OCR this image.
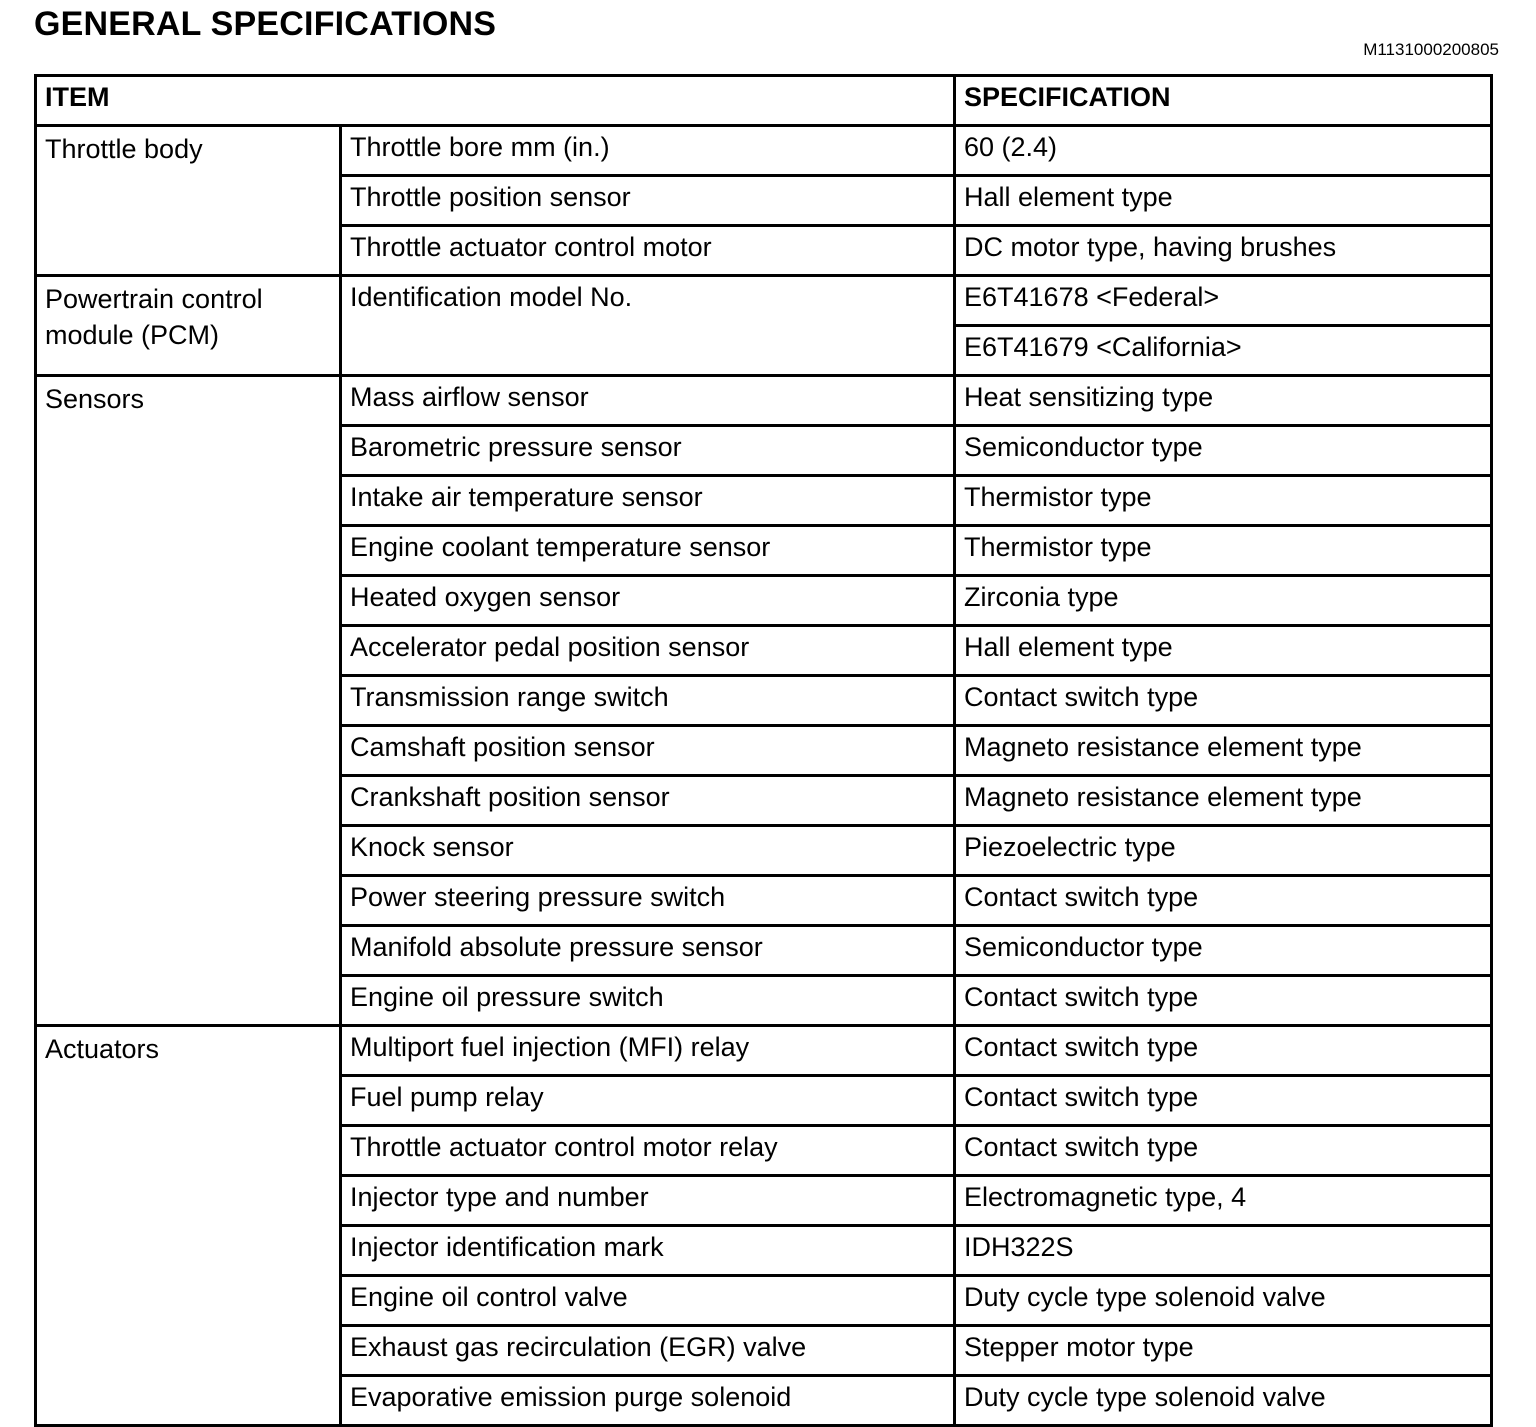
GENERAL SPECIFICATIONS
M1131000200805
ITEM		SPECIFICATION
Throttle body	Throttle bore mm (in.)	60 (2.4)
	Throttle position sensor	Hall element type
	Throttle actuator control motor	DC motor type, having brushes
Powertrain control module (PCM)	Identification model No.	E6T41678 <Federal>
		E6T41679 <California>
Sensors	Mass airflow sensor	Heat sensitizing type
	Barometric pressure sensor	Semiconductor type
	Intake air temperature sensor	Thermistor type
	Engine coolant temperature sensor	Thermistor type
	Heated oxygen sensor	Zirconia type
	Accelerator pedal position sensor	Hall element type
	Transmission range switch	Contact switch type
	Camshaft position sensor	Magneto resistance element type
	Crankshaft position sensor	Magneto resistance element type
	Knock sensor	Piezoelectric type
	Power steering pressure switch	Contact switch type
	Manifold absolute pressure sensor	Semiconductor type
	Engine oil pressure switch	Contact switch type
Actuators	Multiport fuel injection (MFI) relay	Contact switch type
	Fuel pump relay	Contact switch type
	Throttle actuator control motor relay	Contact switch type
	Injector type and number	Electromagnetic type, 4
	Injector identification mark	IDH322S
	Engine oil control valve	Duty cycle type solenoid valve
	Exhaust gas recirculation (EGR) valve	Stepper motor type
	Evaporative emission purge solenoid	Duty cycle type solenoid valve
